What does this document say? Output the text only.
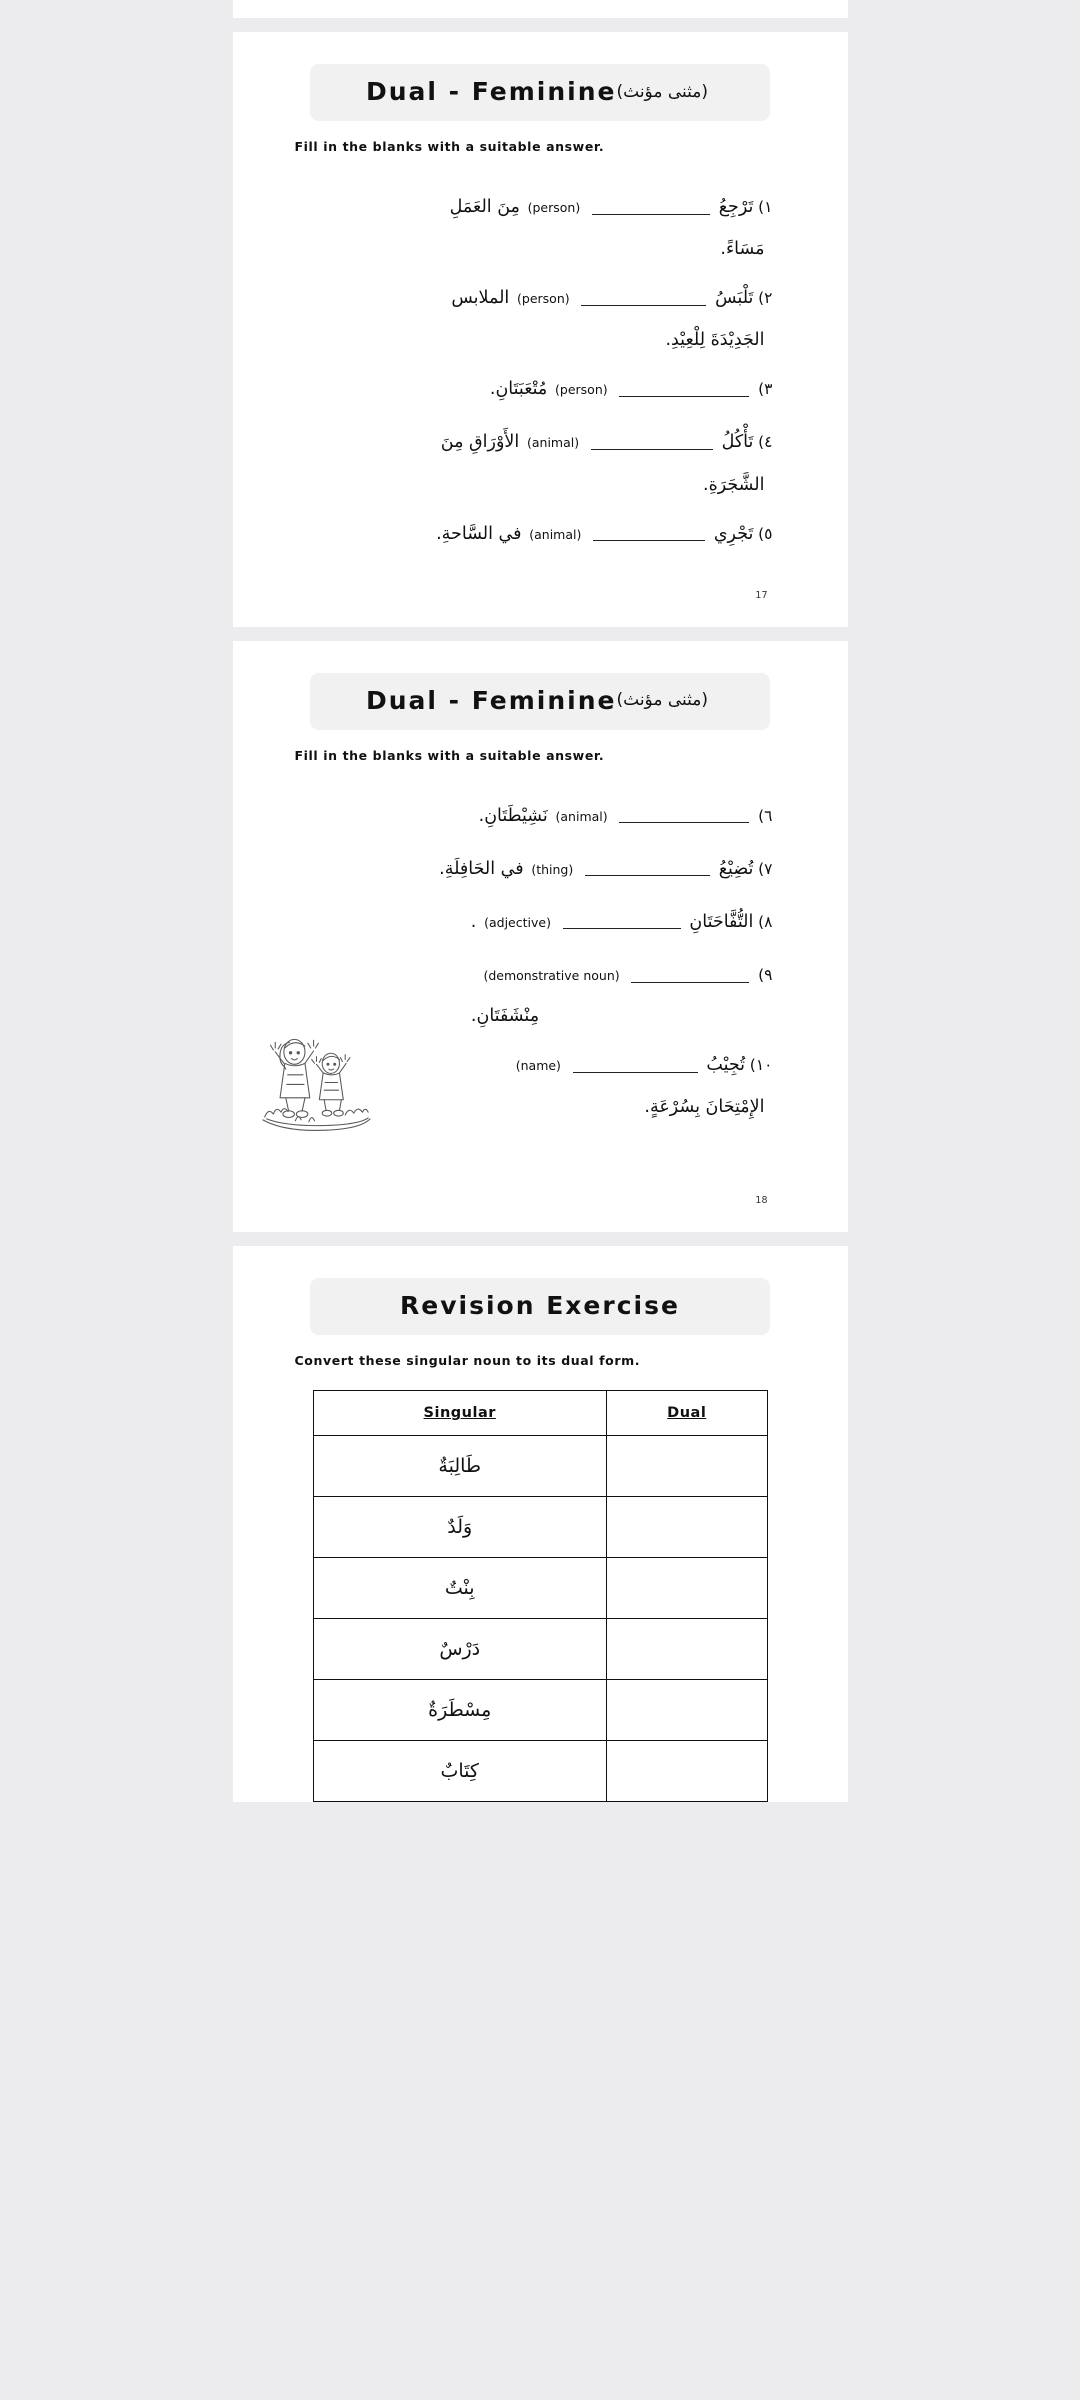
Dual - Feminine(مثنى مؤنث)
Fill in the blanks with a suitable answer.
١) تَرْجِعُ  (person) مِنَ العَمَلِ
مَسَاءً.
٢) تَلْبَسُ  (person) الملابس
الجَدِيْدَةَ لِلْعِيْدِ.
٣)  (person) مُتْعَبَتَانِ.
٤) تَأْكُلُ  (animal) الأَوْرَاقِ مِنَ
الشَّجَرَةِ.
٥) تَجْرِي  (animal) في السَّاحةِ.
17
Dual - Feminine(مثنى مؤنث)
Fill in the blanks with a suitable answer.
٦)  (animal) نَشِيْطَتَانِ.
٧) تُضِيْعُ  (thing) في الحَافِلَةِ.
٨) التُّفَّاحَتَانِ  (adjective) .
٩)  (demonstrative noun)
مِنْشَفَتَانِ.
١٠) تُجِيْبُ  (name)
الإِمْتِحَانَ بِسُرْعَةٍ.
18
Revision Exercise
Convert these singular noun to its dual form.
Singular	Dual
طَالِبَةٌ	
وَلَدٌ	
بِنْتٌ	
دَرْسٌ	
مِسْطَرَةٌ	
كِتَابٌ	
